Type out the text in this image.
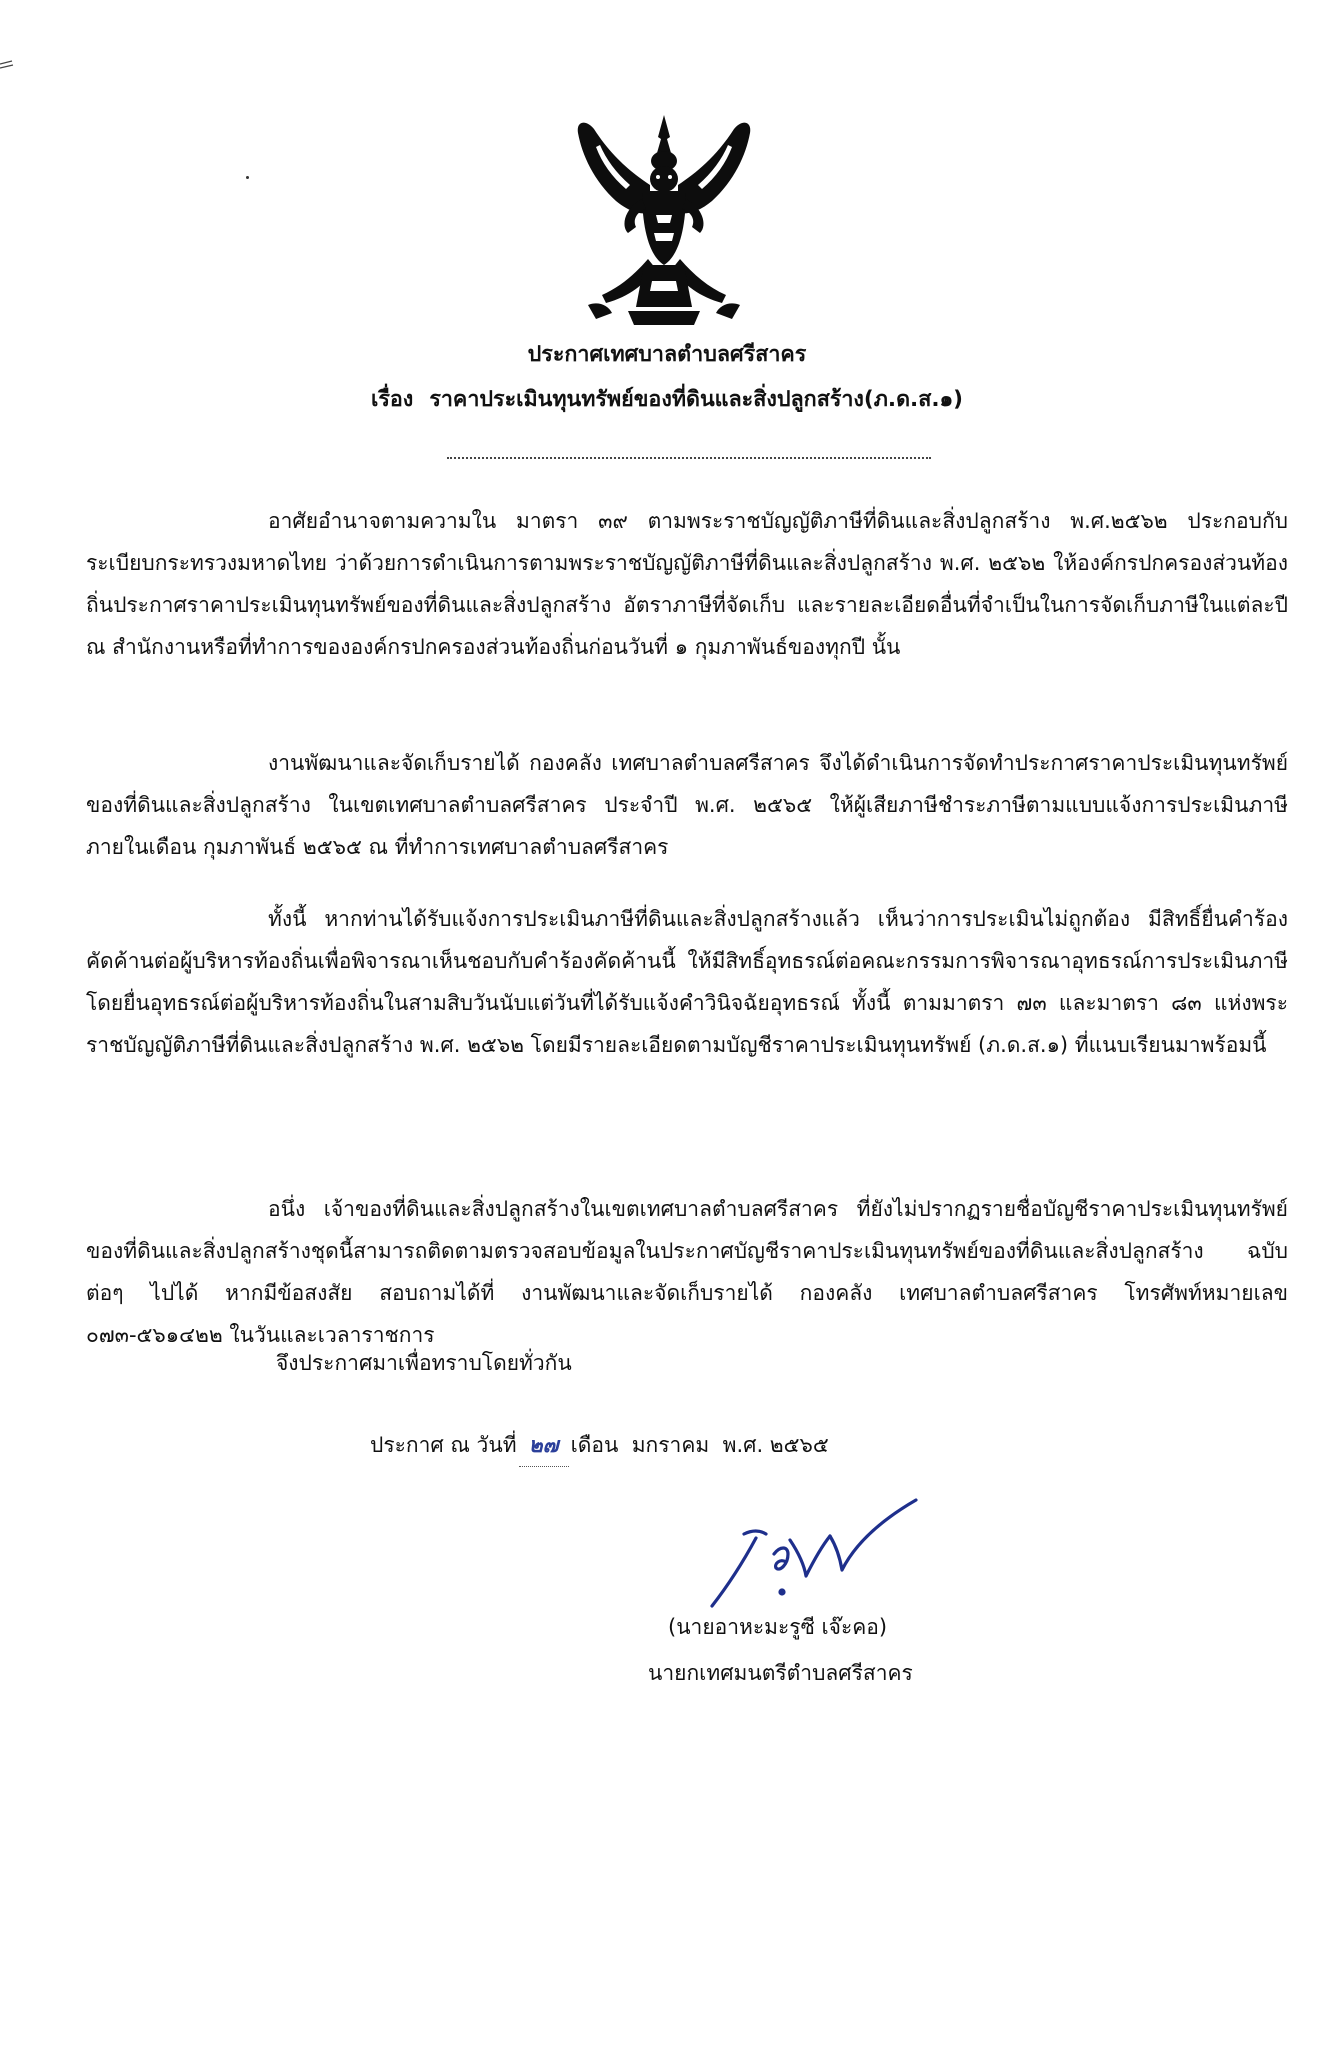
ประกาศเทศบาลตำบลศรีสาคร
เรื่อง ราคาประเมินทุนทรัพย์ของที่ดินและสิ่งปลูกสร้าง(ภ.ด.ส.๑)

อาศัยอำนาจตามความใน มาตรา ๓๙ ตามพระราชบัญญัติภาษีที่ดินและสิ่งปลูกสร้าง พ.ศ.๒๕๖๒ ประกอบกับระเบียบกระทรวงมหาดไทย ว่าด้วยการดำเนินการตามพระราชบัญญัติภาษีที่ดินและสิ่งปลูกสร้าง พ.ศ. ๒๕๖๒ ให้องค์กรปกครองส่วนท้องถิ่นประกาศราคาประเมินทุนทรัพย์ของที่ดินและสิ่งปลูกสร้าง อัตราภาษีที่จัดเก็บ และรายละเอียดอื่นที่จำเป็นในการจัดเก็บภาษีในแต่ละปี ณ สำนักงานหรือที่ทำการขององค์กรปกครองส่วนท้องถิ่นก่อนวันที่ ๑ กุมภาพันธ์ของทุกปี นั้น

งานพัฒนาและจัดเก็บรายได้ กองคลัง เทศบาลตำบลศรีสาคร จึงได้ดำเนินการจัดทำประกาศราคาประเมินทุนทรัพย์ของที่ดินและสิ่งปลูกสร้าง ในเขตเทศบาลตำบลศรีสาคร ประจำปี พ.ศ. ๒๕๖๕ ให้ผู้เสียภาษีชำระภาษีตามแบบแจ้งการประเมินภาษีภายในเดือน กุมภาพันธ์ ๒๕๖๕ ณ ที่ทำการเทศบาลตำบลศรีสาคร

ทั้งนี้ หากท่านได้รับแจ้งการประเมินภาษีที่ดินและสิ่งปลูกสร้างแล้ว เห็นว่าการประเมินไม่ถูกต้อง มีสิทธิ์ยื่นคำร้องคัดค้านต่อผู้บริหารท้องถิ่นเพื่อพิจารณาเห็นชอบกับคำร้องคัดค้านนี้ ให้มีสิทธิ์อุทธรณ์ต่อคณะกรรมการพิจารณาอุทธรณ์การประเมินภาษี โดยยื่นอุทธรณ์ต่อผู้บริหารท้องถิ่นในสามสิบวันนับแต่วันที่ได้รับแจ้งคำวินิจฉัยอุทธรณ์ ทั้งนี้ ตามมาตรา ๗๓ และมาตรา ๘๓ แห่งพระราชบัญญัติภาษีที่ดินและสิ่งปลูกสร้าง พ.ศ. ๒๕๖๒ โดยมีรายละเอียดตามบัญชีราคาประเมินทุนทรัพย์ (ภ.ด.ส.๑) ที่แนบเรียนมาพร้อมนี้

อนึ่ง เจ้าของที่ดินและสิ่งปลูกสร้างในเขตเทศบาลตำบลศรีสาคร ที่ยังไม่ปรากฏรายชื่อบัญชีราคาประเมินทุนทรัพย์ของที่ดินและสิ่งปลูกสร้างชุดนี้สามารถติดตามตรวจสอบข้อมูลในประกาศบัญชีราคาประเมินทุนทรัพย์ของที่ดินและสิ่งปลูกสร้าง ฉบับต่อๆ ไปได้ หากมีข้อสงสัย สอบถามได้ที่ งานพัฒนาและจัดเก็บรายได้ กองคลัง เทศบาลตำบลศรีสาคร โทรศัพท์หมายเลข ๐๗๓-๕๖๑๔๒๒ ในวันและเวลาราชการ

จึงประกาศมาเพื่อทราบโดยทั่วกัน
ประกาศ ณ วันที่ ๒๗ เดือน มกราคม พ.ศ. ๒๕๖๕
(นายอาหะมะรูซี เจ๊ะคอ)
นายกเทศมนตรีตำบลศรีสาคร
